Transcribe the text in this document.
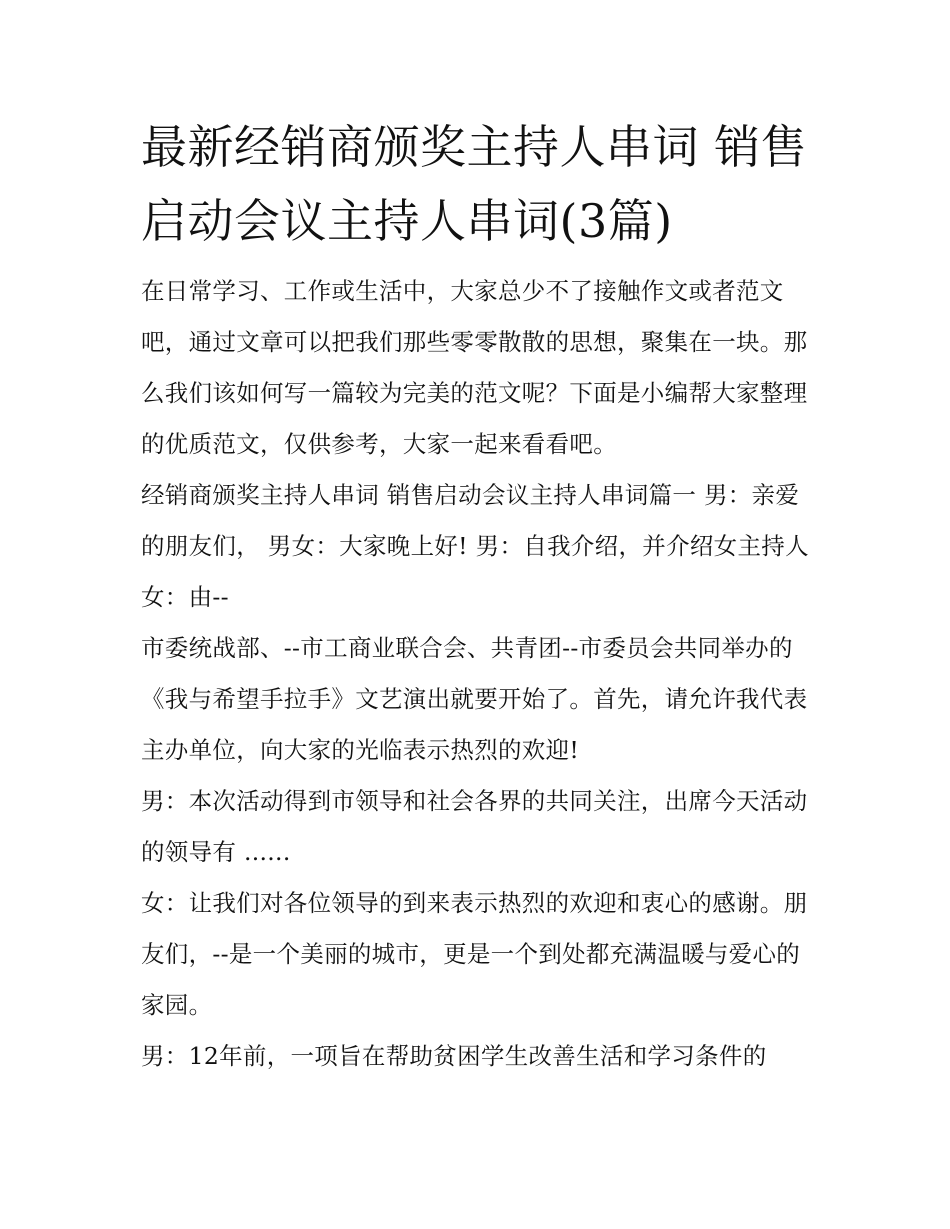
最新经销商颁奖主持人串词 销售启动会议主持人串词(3篇)

在日常学习、工作或生活中，大家总少不了接触作文或者范文吧，通过文章可以把我们那些零零散散的思想，聚集在一块。那么我们该如何写一篇较为完美的范文呢？下面是小编帮大家整理的优质范文，仅供参考，大家一起来看看吧。

经销商颁奖主持人串词 销售启动会议主持人串词篇一 男：亲爱的朋友们， 男女：大家晚上好! 男：自我介绍，并介绍女主持人 女：由--

市委统战部、--市工商业联合会、共青团--市委员会共同举办的《我与希望手拉手》文艺演出就要开始了。首先，请允许我代表主办单位，向大家的光临表示热烈的欢迎!

男：本次活动得到市领导和社会各界的共同关注，出席今天活动的领导有 ......

女：让我们对各位领导的到来表示热烈的欢迎和衷心的感谢。朋友们，--是一个美丽的城市，更是一个到处都充满温暖与爱心的家园。

男：12年前，一项旨在帮助贫困学生改善生活和学习条件的
